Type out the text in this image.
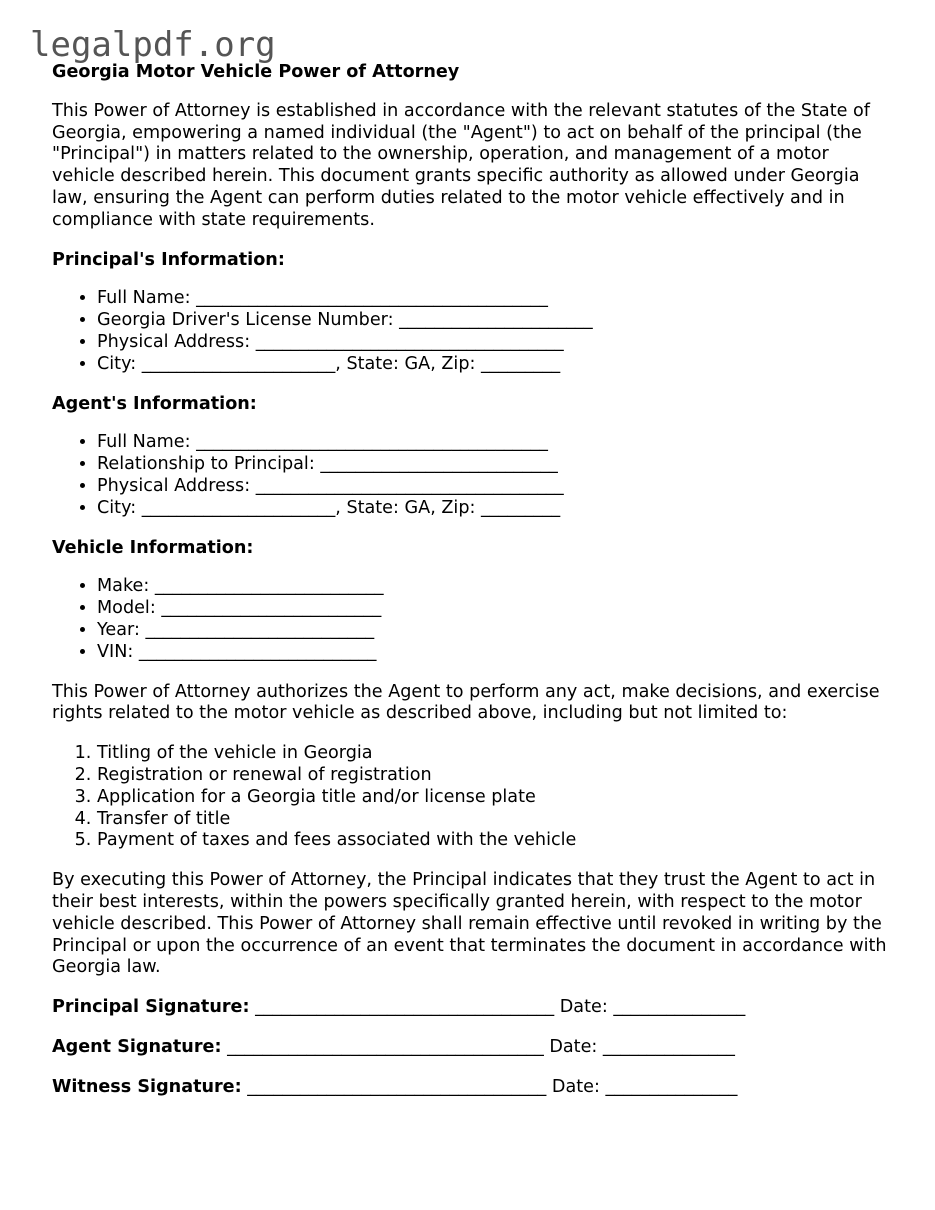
legalpdf.org
Georgia Motor Vehicle Power of Attorney

This Power of Attorney is established in accordance with the relevant statutes of the State of Georgia, empowering a named individual (the "Agent") to act on behalf of the principal (the "Principal") in matters related to the ownership, operation, and management of a motor vehicle described herein. This document grants specific authority as allowed under Georgia law, ensuring the Agent can perform duties related to the motor vehicle effectively and in compliance with state requirements.

Principal's Information:
• Full Name: ________________________________________
• Georgia Driver's License Number: ______________________
• Physical Address: ___________________________________
• City: ______________________, State: GA, Zip: _________
Agent's Information:
• Full Name: ________________________________________
• Relationship to Principal: ___________________________
• Physical Address: ___________________________________
• City: ______________________, State: GA, Zip: _________
Vehicle Information:
• Make: __________________________
• Model: _________________________
• Year: __________________________
• VIN: ___________________________

This Power of Attorney authorizes the Agent to perform any act, make decisions, and exercise rights related to the motor vehicle as described above, including but not limited to:

1. Titling of the vehicle in Georgia
2. Registration or renewal of registration
3. Application for a Georgia title and/or license plate
4. Transfer of title
5. Payment of taxes and fees associated with the vehicle

By executing this Power of Attorney, the Principal indicates that they trust the Agent to act in their best interests, within the powers specifically granted herein, with respect to the motor vehicle described. This Power of Attorney shall remain effective until revoked in writing by the Principal or upon the occurrence of an event that terminates the document in accordance with Georgia law.

Principal Signature: __________________________________ Date: _______________
Agent Signature: ____________________________________ Date: _______________
Witness Signature: __________________________________ Date: _______________
